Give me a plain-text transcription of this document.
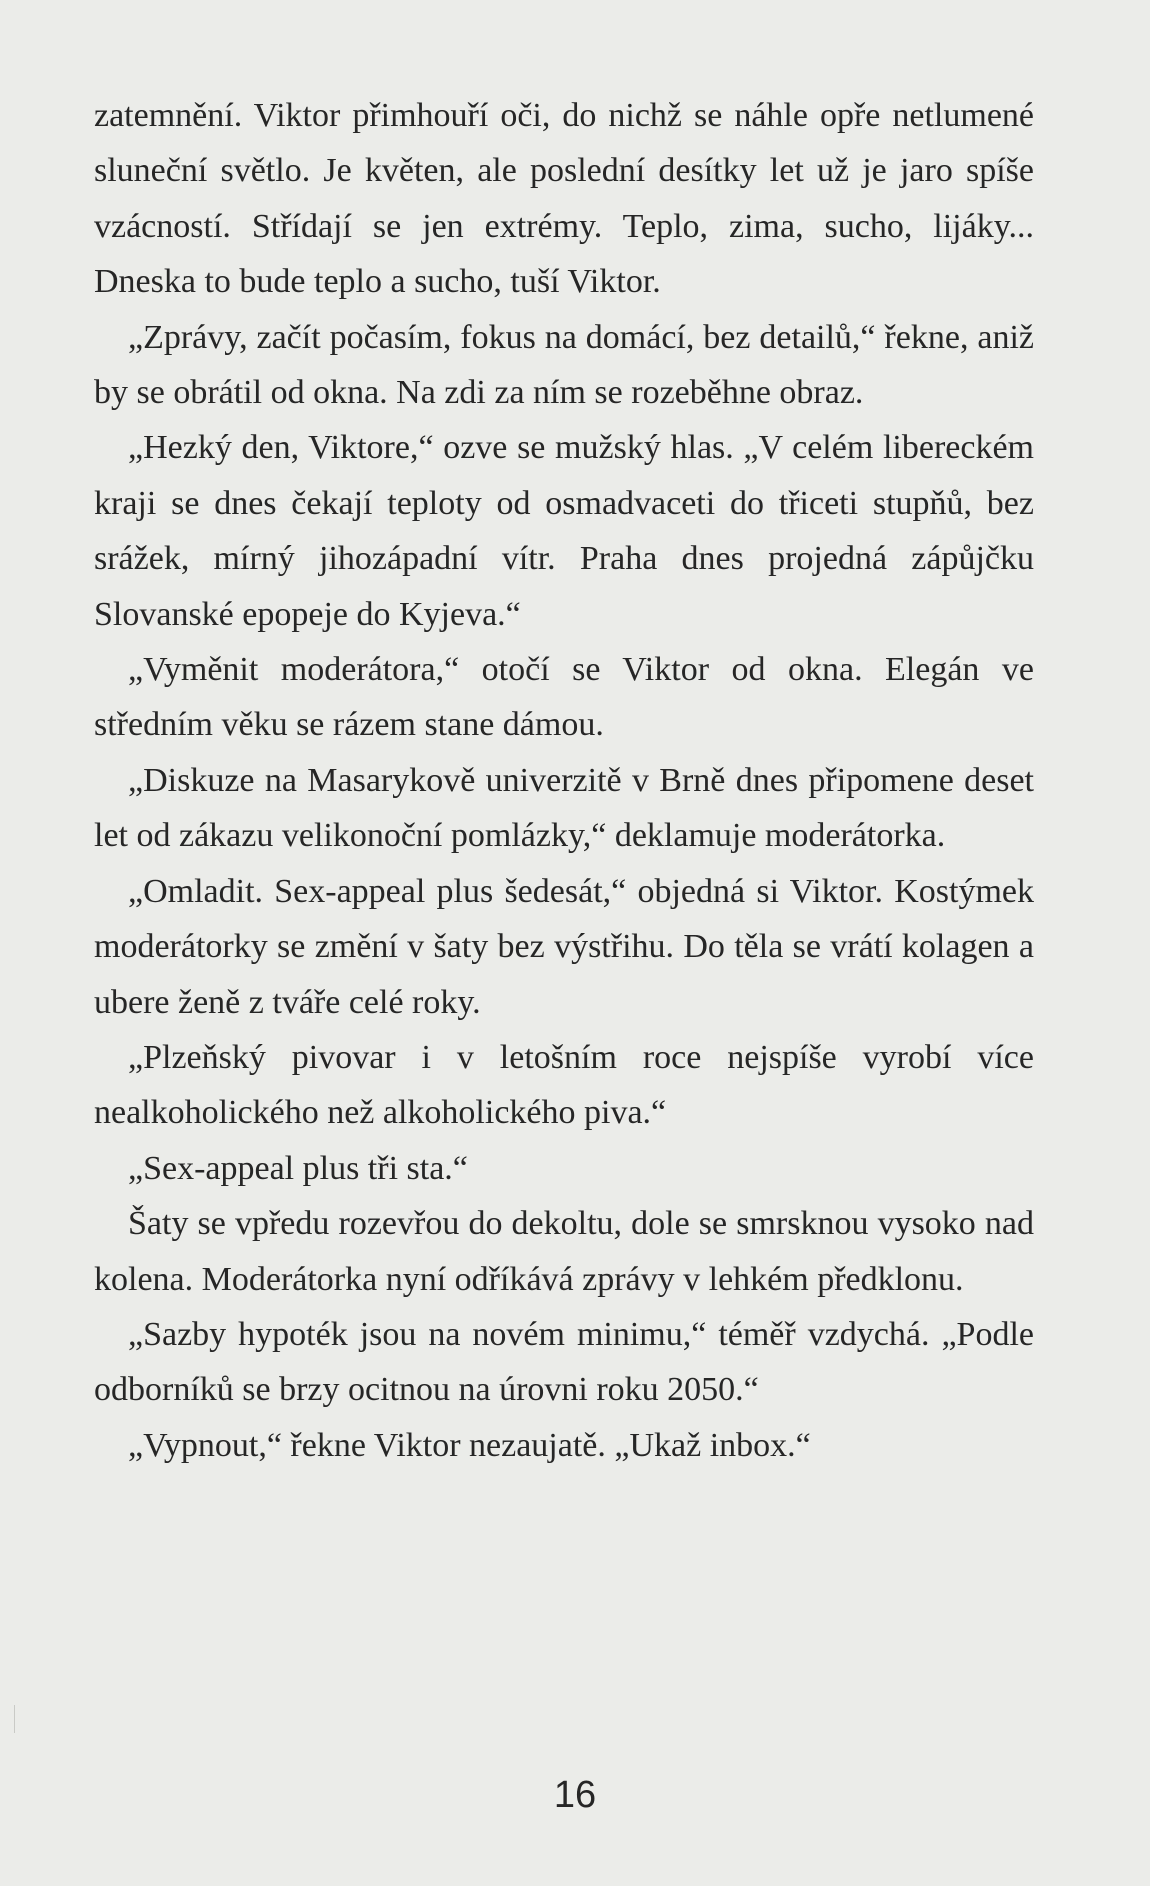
zatemnění. Viktor přimhouří oči, do nichž se náhle opře netlumené sluneční světlo. Je květen, ale poslední desítky let už je jaro spíše vzácností. Střídají se jen extrémy. Teplo, zima, sucho, lijáky... Dneska to bude teplo a sucho, tuší Viktor.

„Zprávy, začít počasím, fokus na domácí, bez detailů,“ řekne, aniž by se obrátil od okna. Na zdi za ním se rozeběhne obraz.

„Hezký den, Viktore,“ ozve se mužský hlas. „V celém libereckém kraji se dnes čekají teploty od osmadvaceti do třiceti stupňů, bez srážek, mírný jihozápadní vítr. Praha dnes projedná zápůjčku Slovanské epopeje do Kyjeva.“

„Vyměnit moderátora,“ otočí se Viktor od okna. Elegán ve středním věku se rázem stane dámou.

„Diskuze na Masarykově univerzitě v Brně dnes připomene deset let od zákazu velikonoční pomlázky,“ deklamuje moderátorka.

„Omladit. Sex-appeal plus šedesát,“ objedná si Viktor. Kostýmek moderátorky se změní v šaty bez výstřihu. Do těla se vrátí kolagen a ubere ženě z tváře celé roky.

„Plzeňský pivovar i v letošním roce nejspíše vyrobí více nealkoholického než alkoholického piva.“

„Sex-appeal plus tři sta.“

Šaty se vpředu rozevřou do dekoltu, dole se smrsknou vysoko nad kolena. Moderátorka nyní odříkává zprávy v lehkém předklonu.

„Sazby hypoték jsou na novém minimu,“ téměř vzdychá. „Podle odborníků se brzy ocitnou na úrovni roku 2050.“

„Vypnout,“ řekne Viktor nezaujatě. „Ukaž inbox.“

16
